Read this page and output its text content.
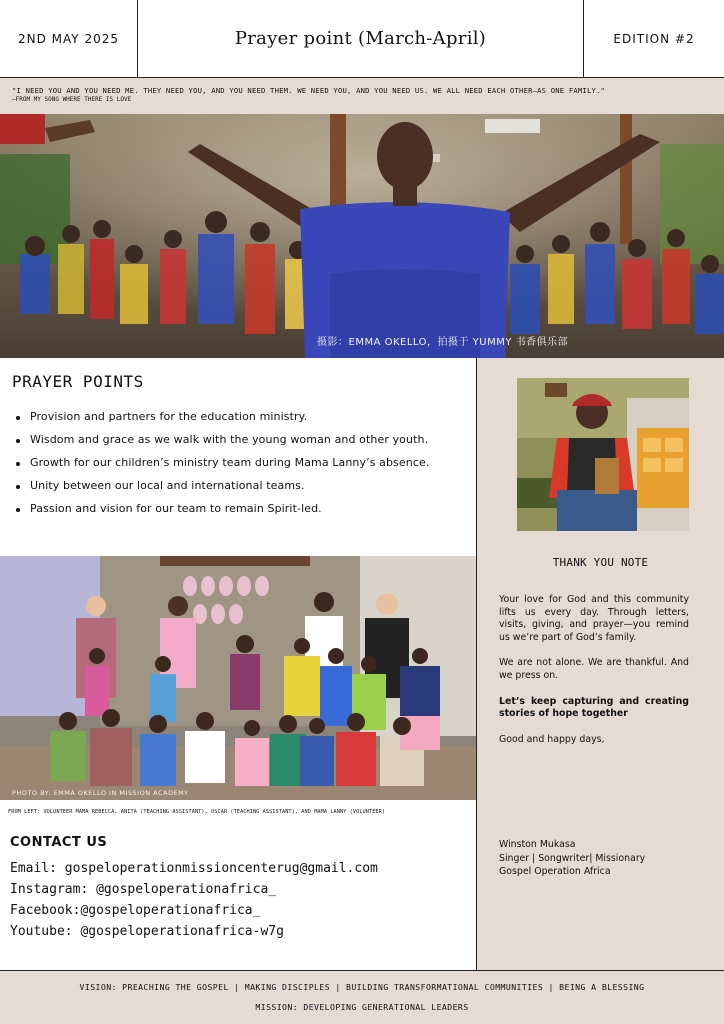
2ND MAY 2025	Prayer point (March-April)	EDITION #2
"I NEED YOU AND YOU NEED ME. THEY NEED YOU, AND YOU NEED THEM. WE NEED YOU, AND YOU NEED US. WE ALL NEED EACH OTHER—AS ONE FAMILY."
—FROM MY SONG WHERE THERE IS LOVE
摄影：EMMA OKELLO，拍摄于 YUMMY 书香俱乐部
PRAYER POINTS
Provision and partners for the education ministry.
Wisdom and grace as we walk with the young woman and other youth.
Growth for our children’s ministry team during Mama Lanny’s absence.
Unity between our local and international teams.
Passion and vision for our team to remain Spirit-led.
PHOTO BY: EMMA OKELLO IN MISSION ACADEMY
FROM LEFT: VOLUNTEER MAMA REBECCA, ANITA (TEACHING ASSISTANT), OSCAR (TEACHING ASSISTANT), AND MAMA LANNY (VOLUNTEER)
CONTACT US
Email: gospeloperationmissioncenterug@gmail.com
Instagram: @gospeloperationafrica_
Facebook:@gospeloperationafrica_
Youtube: @gospeloperationafrica-w7g
THANK YOU NOTE

Your love for God and this community lifts us every day. Through letters, visits, giving, and prayer—you remind us we’re part of God’s family.

We are not alone. We are thankful. And we press on.

Let’s keep capturing and creating stories of hope together

Good and happy days,

Winston Mukasa
Singer | Songwriter| Missionary
Gospel Operation Africa
VISION: PREACHING THE GOSPEL | MAKING DISCIPLES | BUILDING TRANSFORMATIONAL COMMUNITIES | BEING A BLESSING
MISSION: DEVELOPING GENERATIONAL LEADERS
